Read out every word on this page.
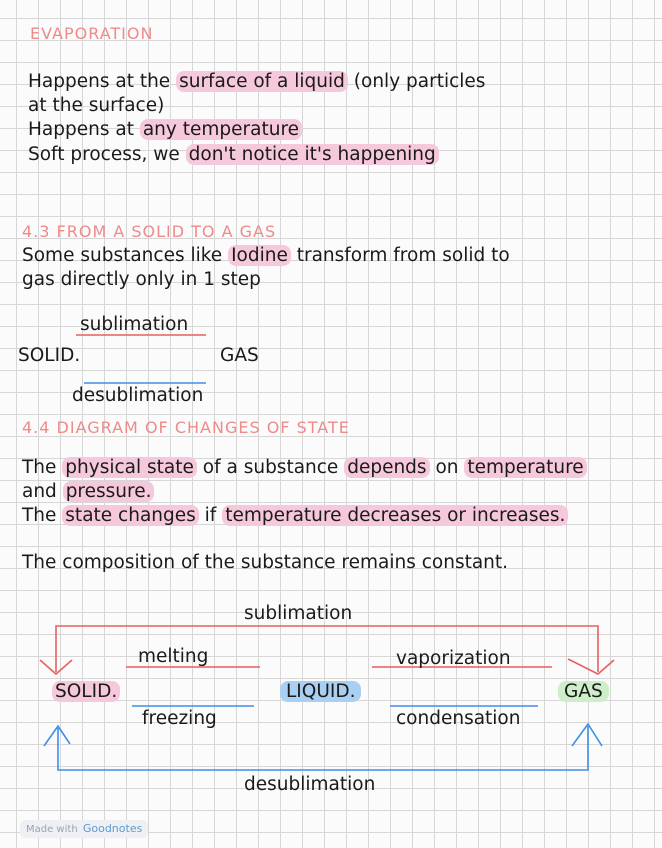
EVAPORATION
Happens at the surface of a liquid (only particles
at the surface)
Happens at any temperature
Soft process, we don't notice it's happening
4.3 FROM A SOLID TO A GAS
Some substances like Iodine transform from solid to
gas directly only in 1 step
sublimation
SOLID.	GAS
desublimation
4.4 DIAGRAM OF CHANGES OF STATE
The physical state of a substance depends on temperature
and pressure.
The state changes if temperature decreases or increases.
The composition of the substance remains constant.
sublimation
melting	vaporization
SOLID.	LIQUID.	GAS
freezing	condensation
desublimation
Made with Goodnotes
